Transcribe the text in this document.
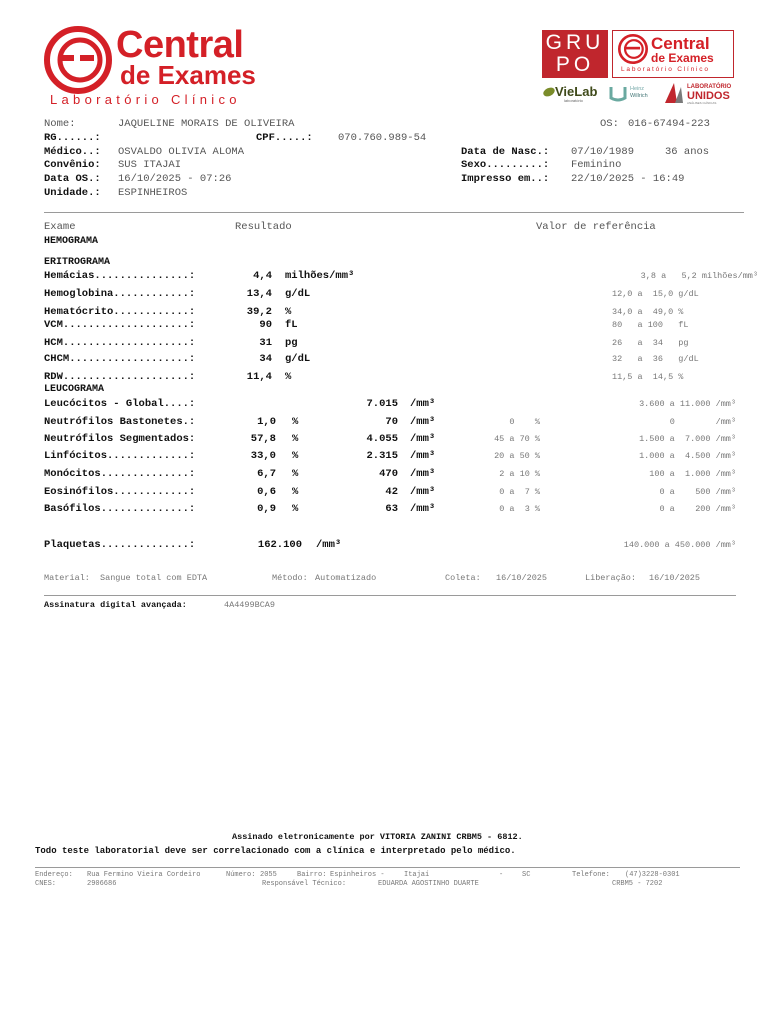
Central
de Exames
Laboratório Clínico
GRU
PO
Central
de Exames
Laboratório Clínico
VieLab
laboratório
Heinz
Willrich
LABORATÓRIO
UNIDOS
ANÁLISES CLÍNICAS
Nome:	JAQUELINE MORAIS DE OLIVEIRA	OS: 016-67494-223
RG......:	CPF.....: 070.760.989-54
Médico..: OSVALDO OLIVIA ALOMA	Data de Nasc.: 07/10/1989	36 anos
Convênio: SUS ITAJAI	Sexo.........: Feminino
Data OS.: 16/10/2025 - 07:26	Impresso em..: 22/10/2025 - 16:49
Unidade.: ESPINHEIROS
Exame	Resultado	Valor de referência
HEMOGRAMA
ERITROGRAMA
Hemácias...............:	4,4 milhões/mm³	3,8 a   5,2 milhões/mm³
Hemoglobina............:	13,4 g/dL	12,0 a  15,0 g/dL
Hematócrito............:	39,2 %	34,0 a  49,0 %
VCM....................:	90 fL	80   a 100   fL
HCM....................:	31 pg	26   a  34   pg
CHCM...................:	34 g/dL	32   a  36   g/dL
RDW....................:	11,4 %	11,5 a  14,5 %
LEUCOGRAMA
Leucócitos - Global....:	7.015 /mm³	3.600 a 11.000 /mm³
Neutrófilos Bastonetes.:	1,0 %	70 /mm³	0    %	0        /mm³
Neutrófilos Segmentados:	57,8 %	4.055 /mm³	45 a 70 %	1.500 a  7.000 /mm³
Linfócitos.............:	33,0 %	2.315 /mm³	20 a 50 %	1.000 a  4.500 /mm³
Monócitos..............:	6,7 %	470 /mm³	2 a 10 %	100 a  1.000 /mm³
Eosinófilos............:	0,6 %	42 /mm³	0 a  7 %	0 a    500 /mm³
Basófilos..............:	0,9 %	63 /mm³	0 a  3 %	0 a    200 /mm³
Plaquetas..............:	162.100 /mm³	140.000 a 450.000 /mm³
Material: Sangue total com EDTA	Método: Automatizado	Coleta: 16/10/2025	Liberação: 16/10/2025
Assinatura digital avançada:	4A4499BCA9
Assinado eletronicamente por VITORIA ZANINI CRBM5 - 6812.
Todo teste laboratorial deve ser correlacionado com a clínica e interpretado pelo médico.
Endereço: Rua Fermino Vieira Cordeiro	Número: 2055	Bairro: Espinheiros -	Itajaí	-	SC	Telefone: (47)3228-0301
CNES:	2906686	Responsável Técnico:	EDUARDA AGOSTINHO DUARTE	CRBM5 - 7202
